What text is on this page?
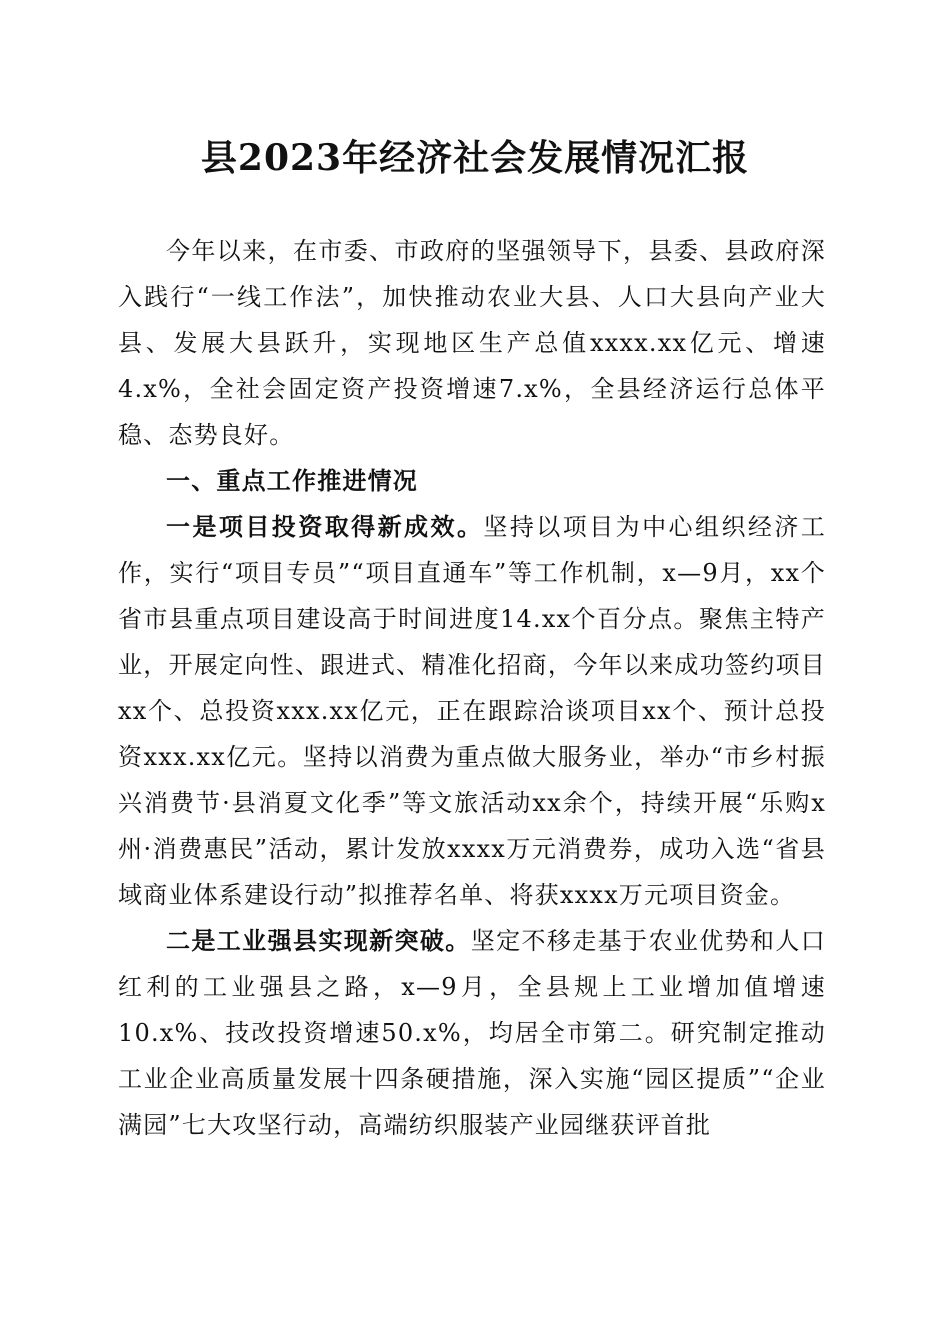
县2023年经济社会发展情况汇报

今年以来，在市委、市政府的坚强领导下，县委、县政府深入践行“一线工作法”，加快推动农业大县、人口大县向产业大县、发展大县跃升，实现地区生产总值xxxx.xx亿元、增速4.x%，全社会固定资产投资增速7.x%，全县经济运行总体平稳、态势良好。

一、重点工作推进情况

一是项目投资取得新成效。坚持以项目为中心组织经济工作，实行“项目专员”“项目直通车”等工作机制，x—9月，xx个省市县重点项目建设高于时间进度14.xx个百分点。聚焦主特产业，开展定向性、跟进式、精准化招商，今年以来成功签约项目xx个、总投资xxx.xx亿元，正在跟踪洽谈项目xx个、预计总投资xxx.xx亿元。坚持以消费为重点做大服务业，举办“市乡村振兴消费节·县消夏文化季”等文旅活动xx余个，持续开展“乐购x州·消费惠民”活动，累计发放xxxx万元消费券，成功入选“省县域商业体系建设行动”拟推荐名单、将获xxxx万元项目资金。

二是工业强县实现新突破。坚定不移走基于农业优势和人口红利的工业强县之路，x—9月，全县规上工业增加值增速10.x%、技改投资增速50.x%，均居全市第二。研究制定推动工业企业高质量发展十四条硬措施，深入实施“园区提质”“企业满园”七大攻坚行动，高端纺织服装产业园继获评首批
